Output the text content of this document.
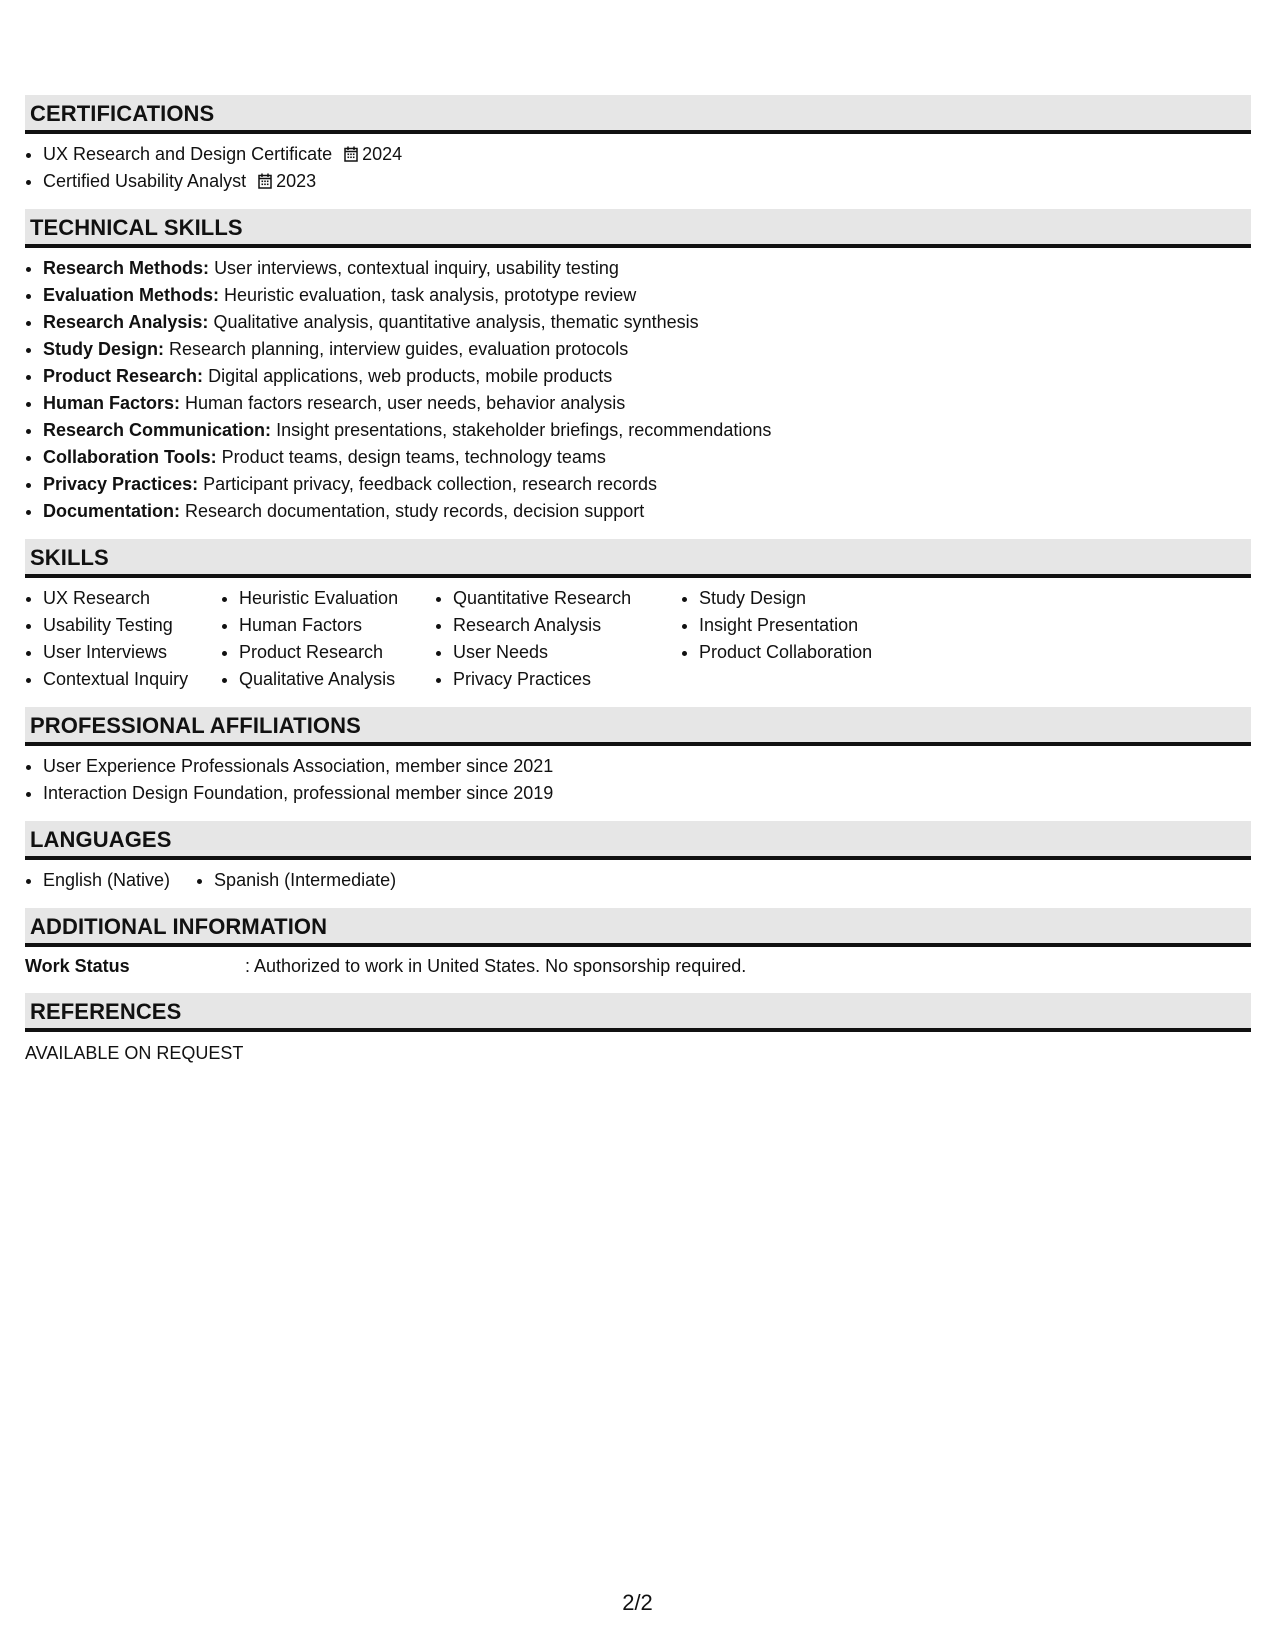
CERTIFICATIONS
• UX Research and Design Certificate 2024
• Certified Usability Analyst 2023
TECHNICAL SKILLS
• Research Methods: User interviews, contextual inquiry, usability testing
• Evaluation Methods: Heuristic evaluation, task analysis, prototype review
• Research Analysis: Qualitative analysis, quantitative analysis, thematic synthesis
• Study Design: Research planning, interview guides, evaluation protocols
• Product Research: Digital applications, web products, mobile products
• Human Factors: Human factors research, user needs, behavior analysis
• Research Communication: Insight presentations, stakeholder briefings, recommendations
• Collaboration Tools: Product teams, design teams, technology teams
• Privacy Practices: Participant privacy, feedback collection, research records
• Documentation: Research documentation, study records, decision support
SKILLS
• UX Research
• Usability Testing
• User Interviews
• Contextual Inquiry
• Heuristic Evaluation
• Human Factors
• Product Research
• Qualitative Analysis
• Quantitative Research
• Research Analysis
• User Needs
• Privacy Practices
• Study Design
• Insight Presentation
• Product Collaboration
PROFESSIONAL AFFILIATIONS
• User Experience Professionals Association, member since 2021
• Interaction Design Foundation, professional member since 2019
LANGUAGES
• English (Native)
• Spanish (Intermediate)
ADDITIONAL INFORMATION
Work Status	: Authorized to work in United States. No sponsorship required.
REFERENCES
AVAILABLE ON REQUEST
2/2
